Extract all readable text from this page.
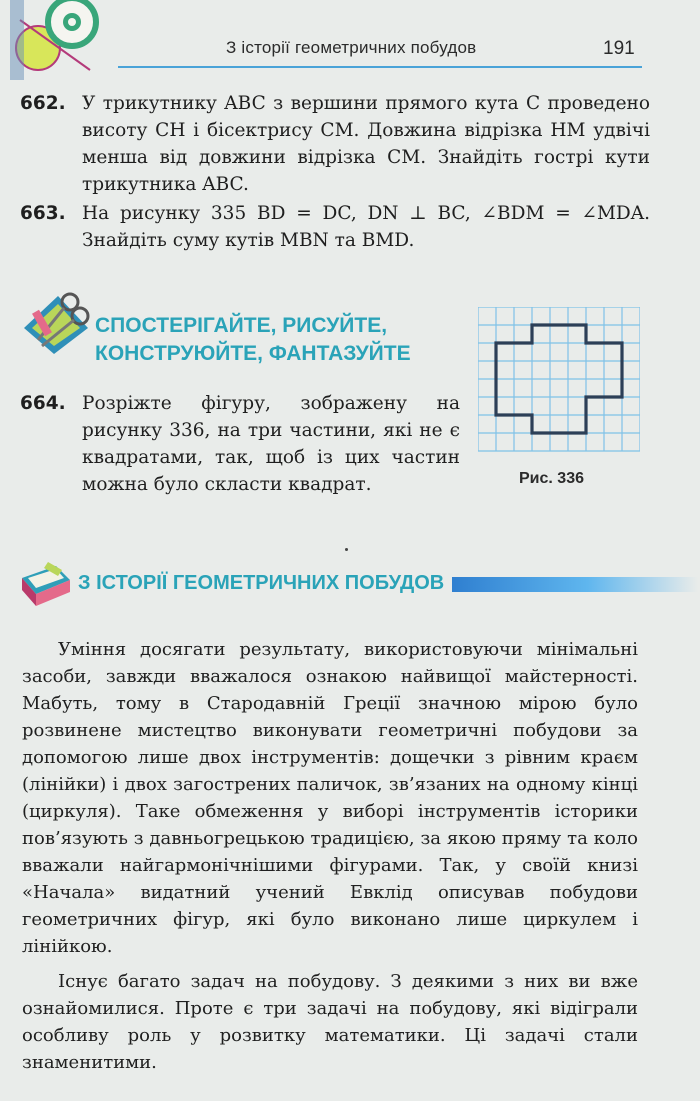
З історії геометричних побудов	191
662. У трикутнику ABC з вершини прямого кута C проведено висоту CH і бісектрису CM. Довжина відрізка HM удвічі менша від довжини відрізка CM. Знайдіть гострі кути трикутника ABC.
663. На рисунку 335 BD = DC, DN ⊥ BC, ∠BDM = ∠MDA. Знайдіть суму кутів MBN та BMD.
СПОСТЕРІГАЙТЕ, РИСУЙТЕ,
КОНСТРУЮЙТЕ, ФАНТАЗУЙТЕ
664. Розріжте фігуру, зображену на рисунку 336, на три частини, які не є квадратами, так, щоб із цих частин можна було скласти квадрат.	Рис. 336
З ІСТОРІЇ ГЕОМЕТРИЧНИХ ПОБУДОВ

Уміння досягати результату, використовуючи мінімальні засоби, завжди вважалося ознакою найвищої майстерності. Мабуть, тому в Стародавній Греції значною мірою було розвинене мистецтво виконувати геометричні побудови за допомогою лише двох інструментів: дощечки з рівним краєм (лінійки) і двох загострених паличок, зв’язаних на одному кінці (циркуля). Таке обмеження у виборі інструментів історики пов’язують з давньогрецькою традицією, за якою пряму та коло вважали найгармонічнішими фігурами. Так, у своїй книзі «Начала» видатний учений Евклід описував побудови геометричних фігур, які було виконано лише циркулем і лінійкою.

Існує багато задач на побудову. З деякими з них ви вже ознайомилися. Проте є три задачі на побудову, які відіграли особливу роль у розвитку математики. Ці задачі стали знаменитими.
